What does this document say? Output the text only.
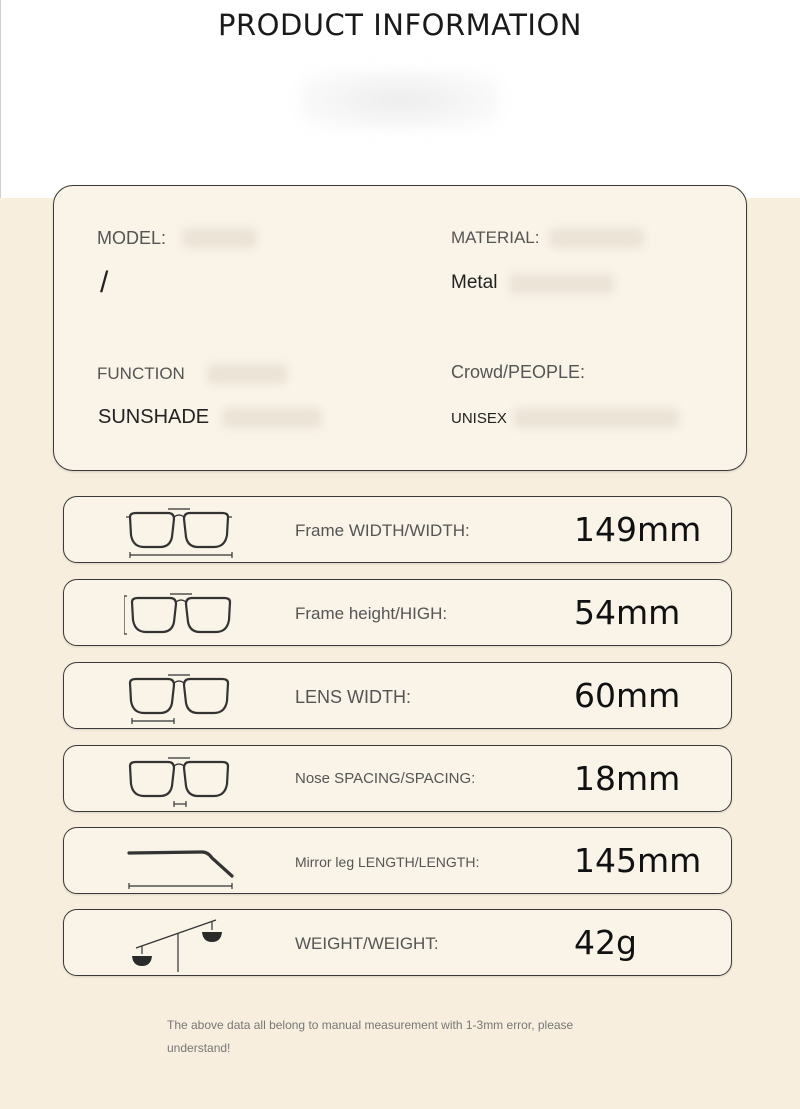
PRODUCT INFORMATION
MODEL:
/
MATERIAL:
Metal
FUNCTION
SUNSHADE
Crowd/PEOPLE:
UNISEX
Frame WIDTH/WIDTH:	149mm
Frame height/HIGH:	54mm
LENS WIDTH:	60mm
Nose SPACING/SPACING:	18mm
Mirror leg LENGTH/LENGTH:	145mm
WEIGHT/WEIGHT:	42g
The above data all belong to manual measurement with 1-3mm error, please understand!
